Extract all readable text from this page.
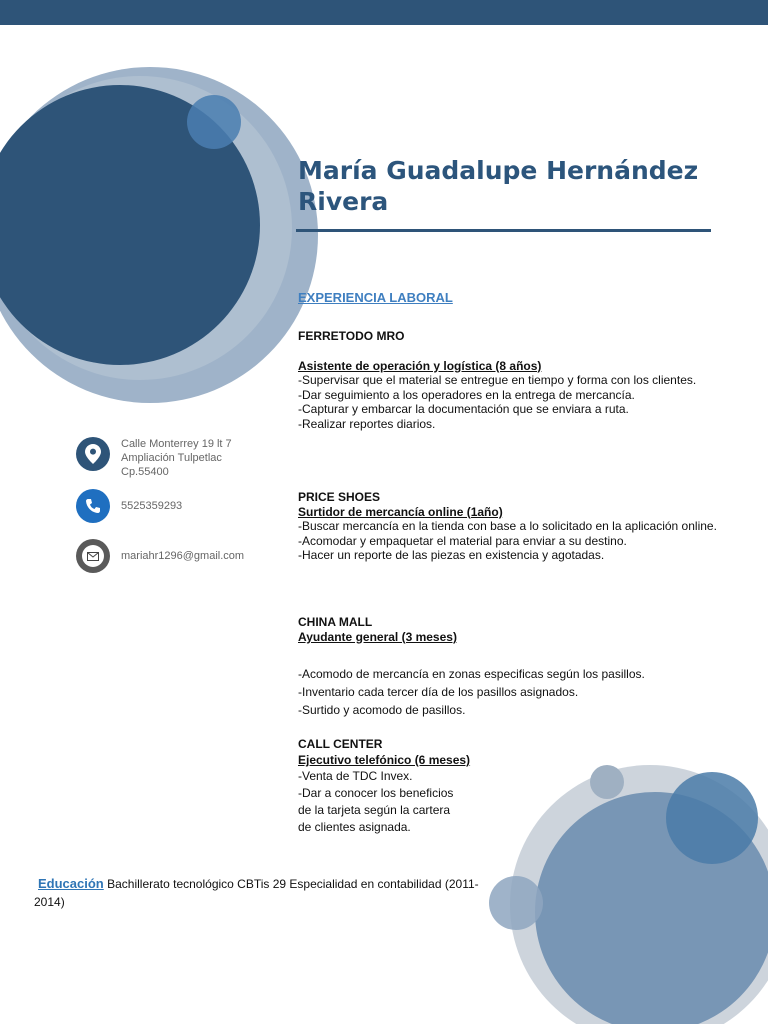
María Guadalupe Hernández Rivera
EXPERIENCIA LABORAL
FERRETODO MRO
Asistente de operación y logística (8 años)
-Supervisar que el material se entregue en tiempo y forma con los clientes.
-Dar seguimiento a los operadores en la entrega de mercancía.
-Capturar y embarcar la documentación que se enviara a ruta.
-Realizar reportes diarios.
PRICE SHOES
Surtidor de mercancía online (1año)
-Buscar mercancía en la tienda con base a lo solicitado en la aplicación online.
-Acomodar y empaquetar el material para enviar a su destino.
-Hacer un reporte de las piezas en existencia y agotadas.
CHINA MALL
Ayudante general (3 meses)
-Acomodo de mercancía en zonas especificas según los pasillos.
-Inventario cada tercer día de los pasillos asignados.
-Surtido y acomodo de pasillos.
CALL CENTER
Ejecutivo telefónico (6 meses)
-Venta de TDC Invex.
-Dar a conocer los beneficios
de la tarjeta según la cartera
de clientes asignada.
Calle Monterrey 19 lt 7
Ampliación Tulpetlac
Cp.55400
5525359293
mariahr1296@gmail.com
Educación Bachillerato tecnológico CBTis 29 Especialidad en contabilidad (2011-2014)
